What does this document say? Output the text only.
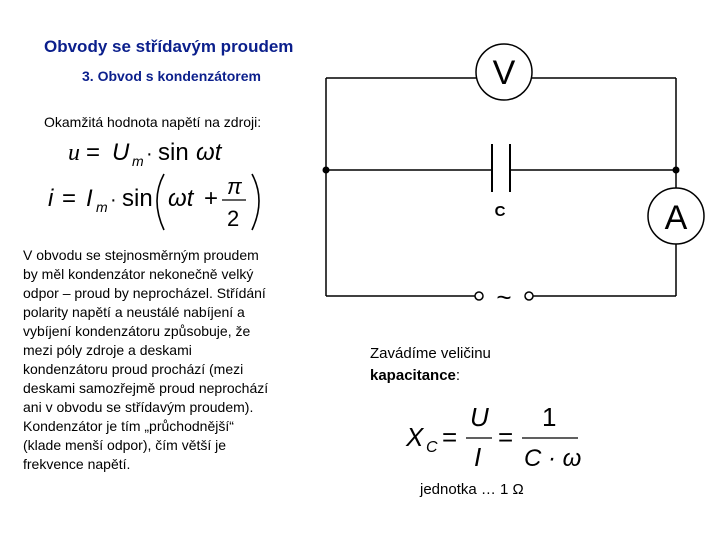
Obvody se střídavým proudem
3. Obvod s kondenzátorem
Okamžitá hodnota napětí na zdroji:
u = U m · sin ωt
i = I m · sin ωt + π
2
V obvodu se stejnosměrným proudem
by měl kondenzátor nekonečně velký
odpor – proud by neprocházel. Střídání
polarity napětí a neustálé nabíjení a
vybíjení kondenzátoru způsobuje, že
mezi póly zdroje a deskami
kondenzátoru proud prochází (mezi
deskami samozřejmě proud neprochází
ani v obvodu se střídavým proudem).
Kondenzátor je tím „průchodnější“
(klade menší odpor), čím větší je
frekvence napětí.
V
C	A
~
Zavádíme veličinu
kapacitance:
X C =
U
I
=
1
C · ω
jednotka … 1 Ω
